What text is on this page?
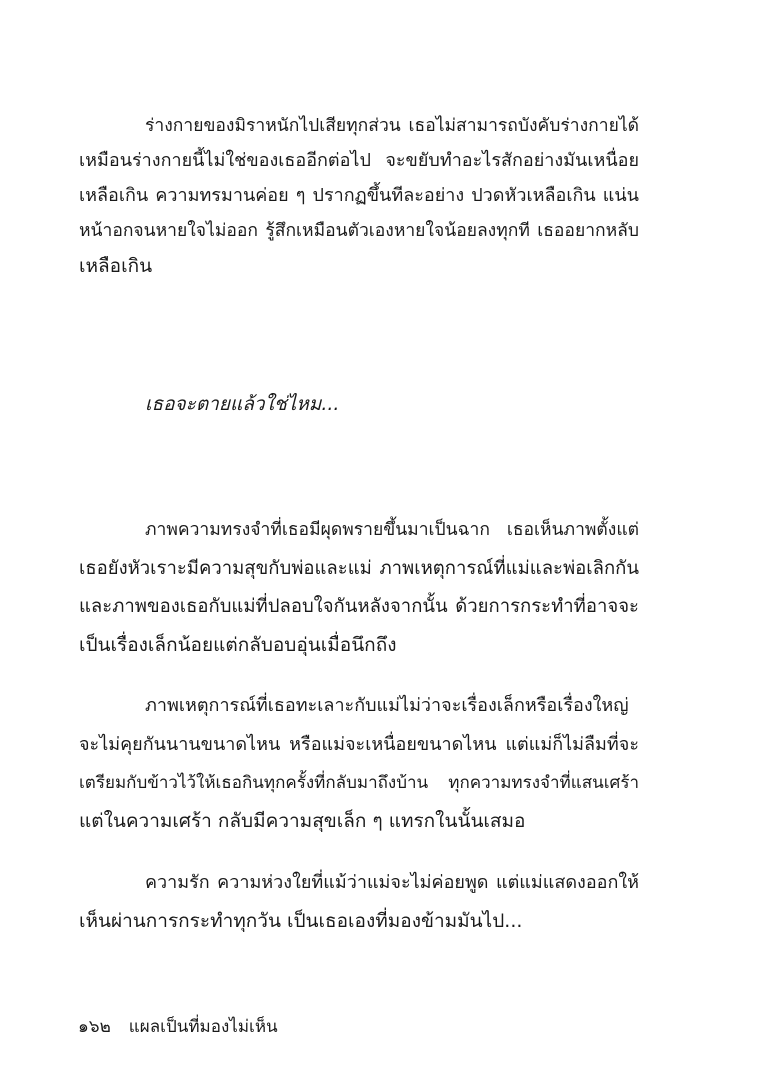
ร่างกายของมิราหนักไปเสียทุกส่วน เธอไม่สามารถบังคับร่างกายได้
เหมือนร่างกายนี้ไม่ใช่ของเธออีกต่อไป จะขยับทำอะไรสักอย่างมันเหนื่อย
เหลือเกิน ความทรมานค่อย ๆ ปรากฏขึ้นทีละอย่าง ปวดหัวเหลือเกิน แน่น
หน้าอกจนหายใจไม่ออก รู้สึกเหมือนตัวเองหายใจน้อยลงทุกที เธออยากหลับ
เหลือเกิน
เธอจะตายแล้วใช่ไหม...
ภาพความทรงจำที่เธอมีผุดพรายขึ้นมาเป็นฉาก เธอเห็นภาพตั้งแต่
เธอยังหัวเราะมีความสุขกับพ่อและแม่ ภาพเหตุการณ์ที่แม่และพ่อเลิกกัน
และภาพของเธอกับแม่ที่ปลอบใจกันหลังจากนั้น ด้วยการกระทำที่อาจจะ
เป็นเรื่องเล็กน้อยแต่กลับอบอุ่นเมื่อนึกถึง
ภาพเหตุการณ์ที่เธอทะเลาะกับแม่ไม่ว่าจะเรื่องเล็กหรือเรื่องใหญ่
จะไม่คุยกันนานขนาดไหน หรือแม่จะเหนื่อยขนาดไหน แต่แม่ก็ไม่ลืมที่จะ
เตรียมกับข้าวไว้ให้เธอกินทุกครั้งที่กลับมาถึงบ้าน ทุกความทรงจำที่แสนเศร้า
แต่ในความเศร้า กลับมีความสุขเล็ก ๆ แทรกในนั้นเสมอ
ความรัก ความห่วงใยที่แม้ว่าแม่จะไม่ค่อยพูด แต่แม่แสดงออกให้
เห็นผ่านการกระทำทุกวัน เป็นเธอเองที่มองข้ามมันไป...
๑๖๒ แผลเป็นที่มองไม่เห็น
